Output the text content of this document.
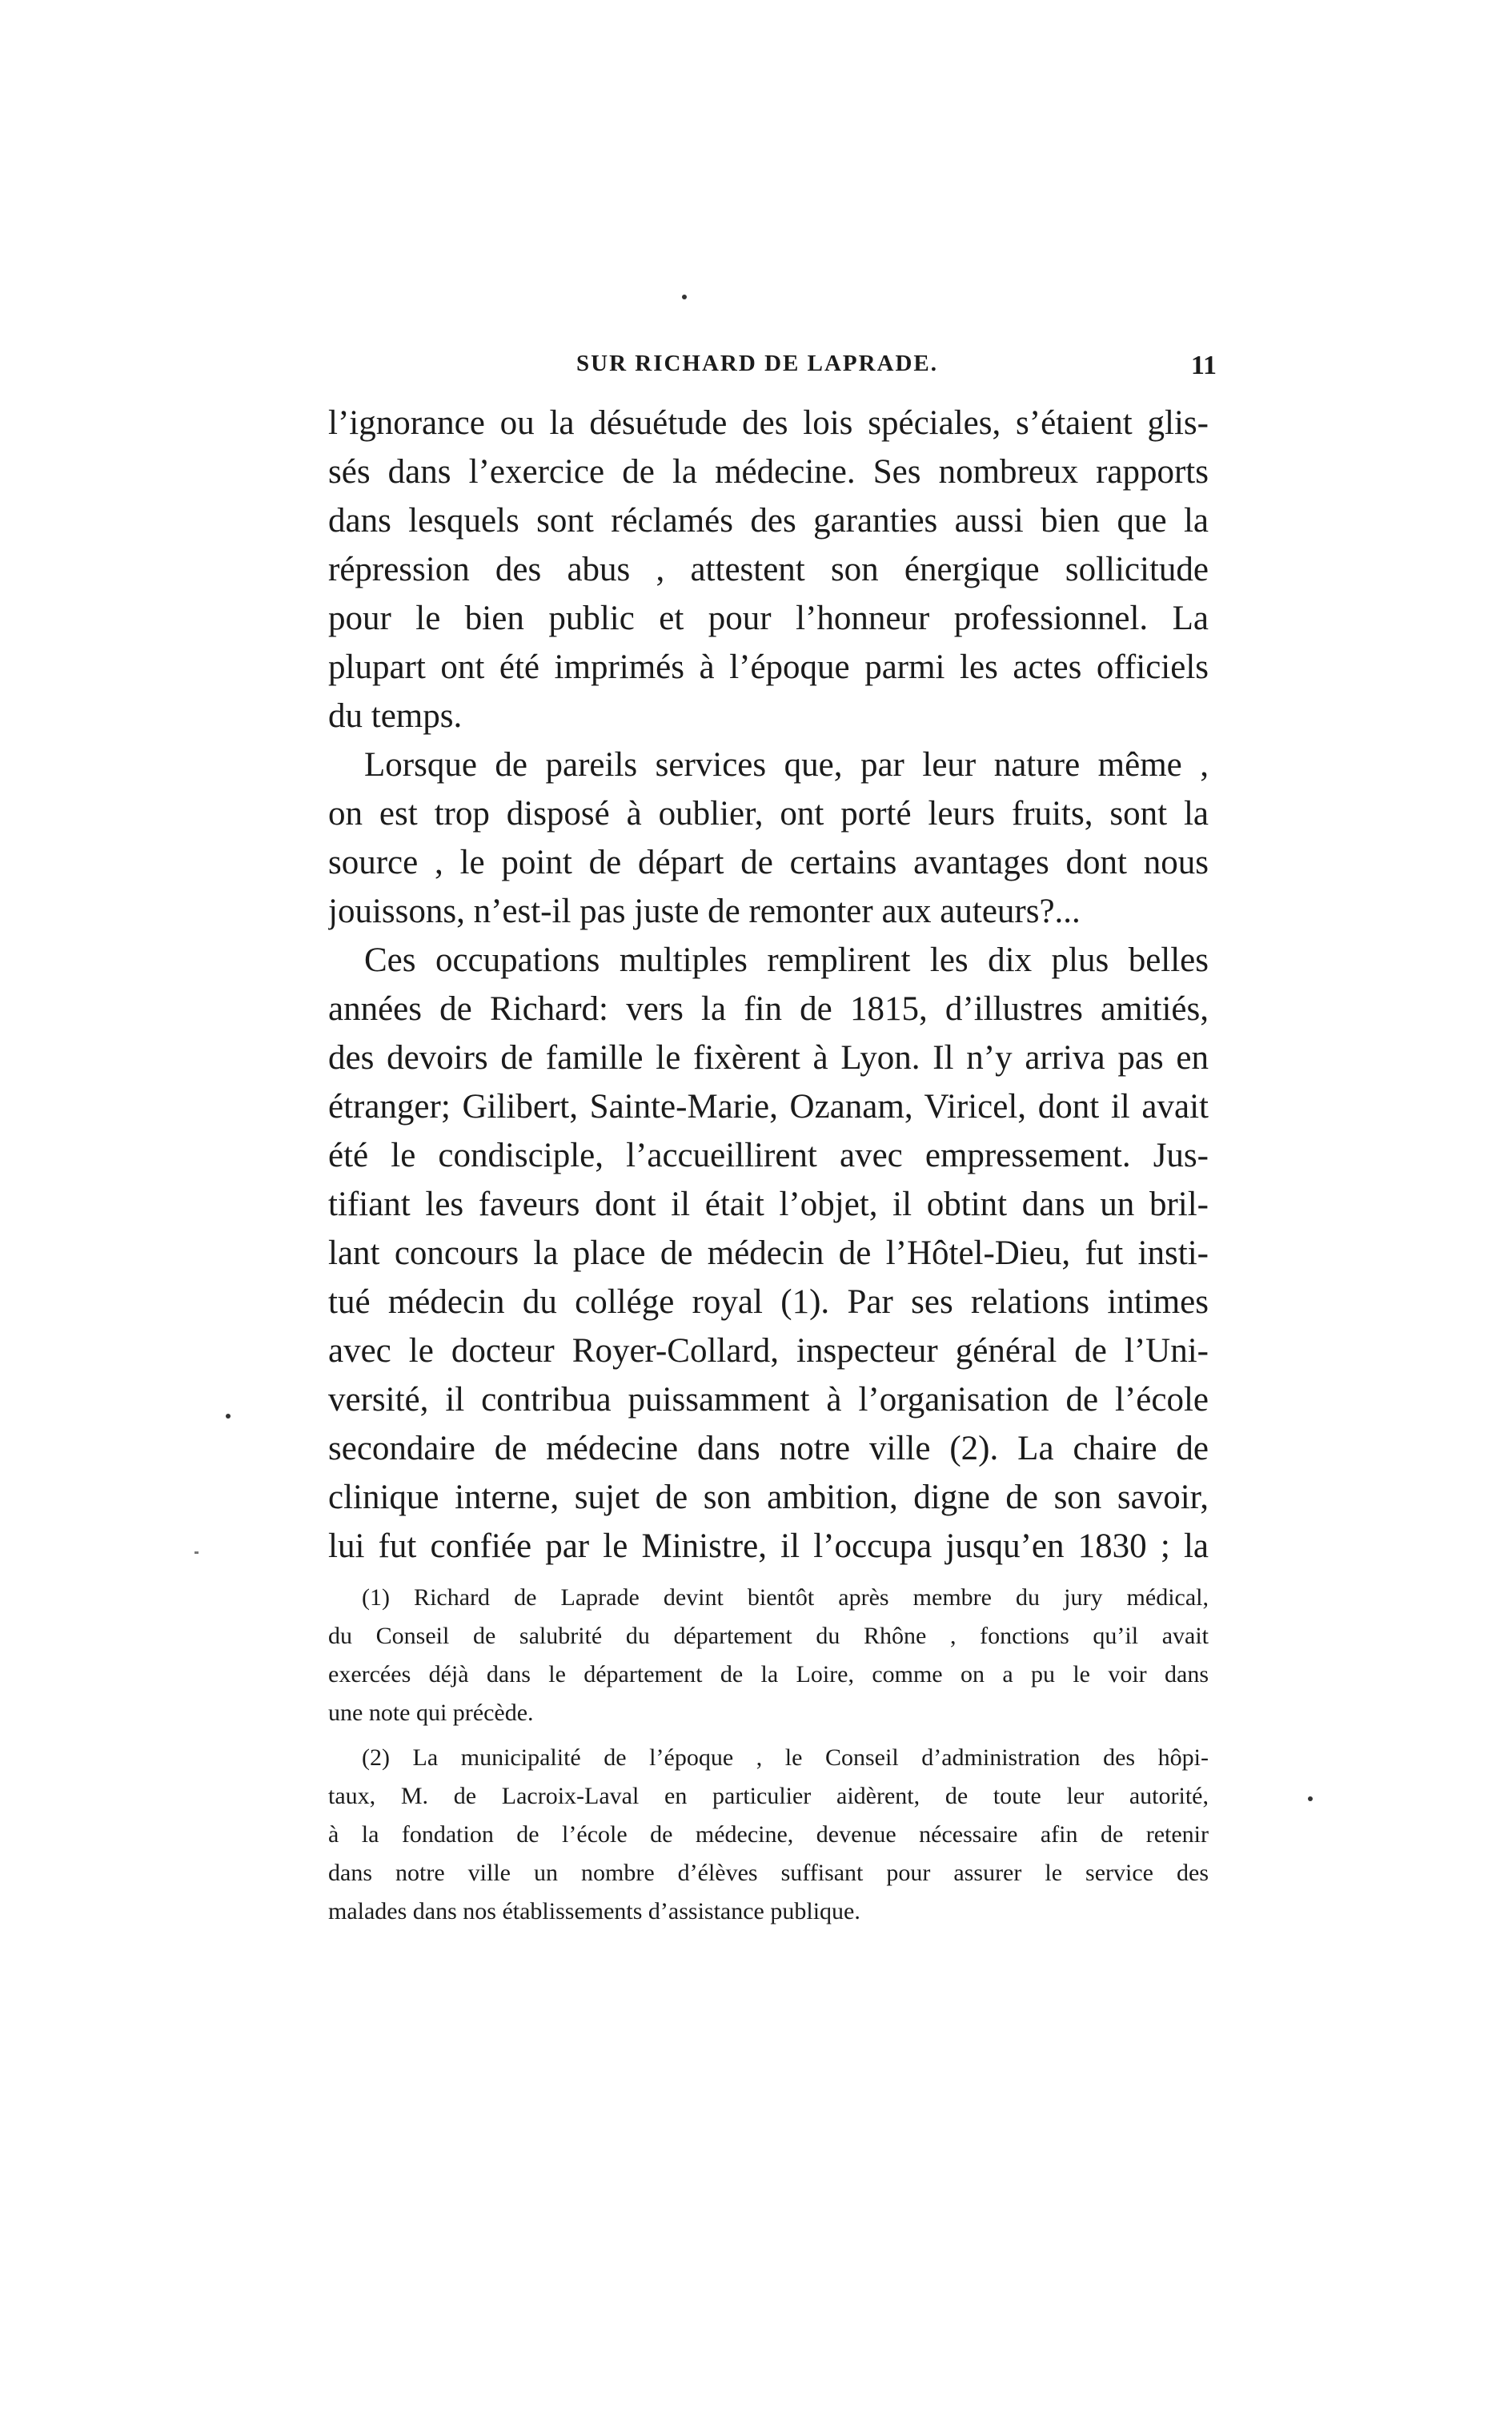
SUR RICHARD DE LAPRADE.	11
l’ignorance ou la désuétude des lois spéciales, s’étaient glis-
sés dans l’exercice de la médecine. Ses nombreux rapports
dans lesquels sont réclamés des garanties aussi bien que la
répression des abus , attestent son énergique sollicitude
pour le bien public et pour l’honneur professionnel. La
plupart ont été imprimés à l’époque parmi les actes officiels
du temps.
Lorsque de pareils services que, par leur nature même ,
on est trop disposé à oublier, ont porté leurs fruits, sont la
source , le point de départ de certains avantages dont nous
jouissons, n’est-il pas juste de remonter aux auteurs?...
Ces occupations multiples remplirent les dix plus belles
années de Richard: vers la fin de 1815, d’illustres amitiés,
des devoirs de famille le fixèrent à Lyon. Il n’y arriva pas en
étranger; Gilibert, Sainte-Marie, Ozanam, Viricel, dont il avait
été le condisciple, l’accueillirent avec empressement. Jus-
tifiant les faveurs dont il était l’objet, il obtint dans un bril-
lant concours la place de médecin de l’Hôtel-Dieu, fut insti-
tué médecin du collége royal (1). Par ses relations intimes
avec le docteur Royer-Collard, inspecteur général de l’Uni-
versité, il contribua puissamment à l’organisation de l’école
secondaire de médecine dans notre ville (2). La chaire de
clinique interne, sujet de son ambition, digne de son savoir,
lui fut confiée par le Ministre, il l’occupa jusqu’en 1830 ; la
(1) Richard de Laprade devint bientôt après membre du jury médical,
du Conseil de salubrité du département du Rhône , fonctions qu’il avait
exercées déjà dans le département de la Loire, comme on a pu le voir dans
une note qui précède.
(2) La municipalité de l’époque , le Conseil d’administration des hôpi-
taux, M. de Lacroix-Laval en particulier aidèrent, de toute leur autorité,
à la fondation de l’école de médecine, devenue nécessaire afin de retenir
dans notre ville un nombre d’élèves suffisant pour assurer le service des
malades dans nos établissements d’assistance publique.
